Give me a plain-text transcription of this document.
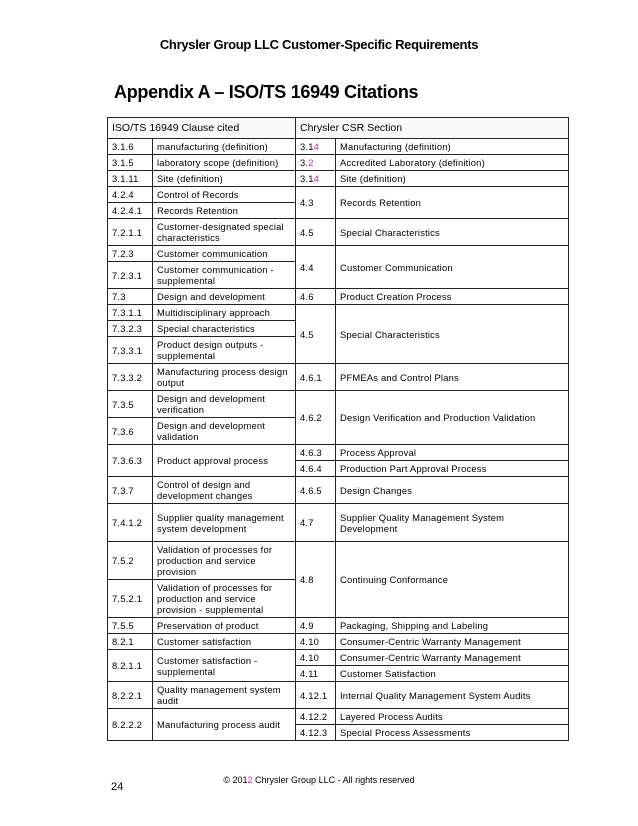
Chrysler Group LLC Customer-Specific Requirements
Appendix A – ISO/TS 16949 Citations
ISO/TS 16949 Clause cited		Chrysler CSR Section	
3.1.6	manufacturing (definition)	3.14	Manufacturing (definition)
3.1.5	laboratory scope (definition)	3.2	Accredited Laboratory (definition)
3.1.11	Site (definition)	3.14	Site (definition)
4.2.4	Control of Records	4.3	Records Retention
4.2.4.1	Records Retention		
7.2.1.1	Customer-designated special characteristics	4.5	Special Characteristics
7.2.3	Customer communication	4.4	Customer Communication
7.2.3.1	Customer communication - supplemental		
7.3	Design and development	4.6	Product Creation Process
7.3.1.1	Multidisciplinary approach	4.5	Special Characteristics
7.3.2.3	Special characteristics		
7.3.3.1	Product design outputs - supplemental		
7.3.3.2	Manufacturing process design output	4.6.1	PFMEAs and Control Plans
7.3.5	Design and development verification	4.6.2	Design Verification and Production Validation
7.3.6	Design and development validation		
7.3.6.3	Product approval process	4.6.3	Process Approval
		4.6.4	Production Part Approval Process
7.3.7	Control of design and development changes	4.6.5	Design Changes
7.4.1.2	Supplier quality management system development	4.7	Supplier Quality Management System Development
7.5.2	Validation of processes for production and service provision	4.8	Continuing Conformance
7.5.2.1	Validation of processes for production and service provision - supplemental		
7.5.5	Preservation of product	4.9	Packaging, Shipping and Labeling
8.2.1	Customer satisfaction	4.10	Consumer-Centric Warranty Management
8.2.1.1	Customer satisfaction - supplemental	4.10	Consumer-Centric Warranty Management
		4.11	Customer Satisfaction
8.2.2.1	Quality management system audit	4.12.1	Internal Quality Management System Audits
8.2.2.2	Manufacturing process audit	4.12.2	Layered Process Audits
		4.12.3	Special Process Assessments
24
© 2012 Chrysler Group LLC - All rights reserved
